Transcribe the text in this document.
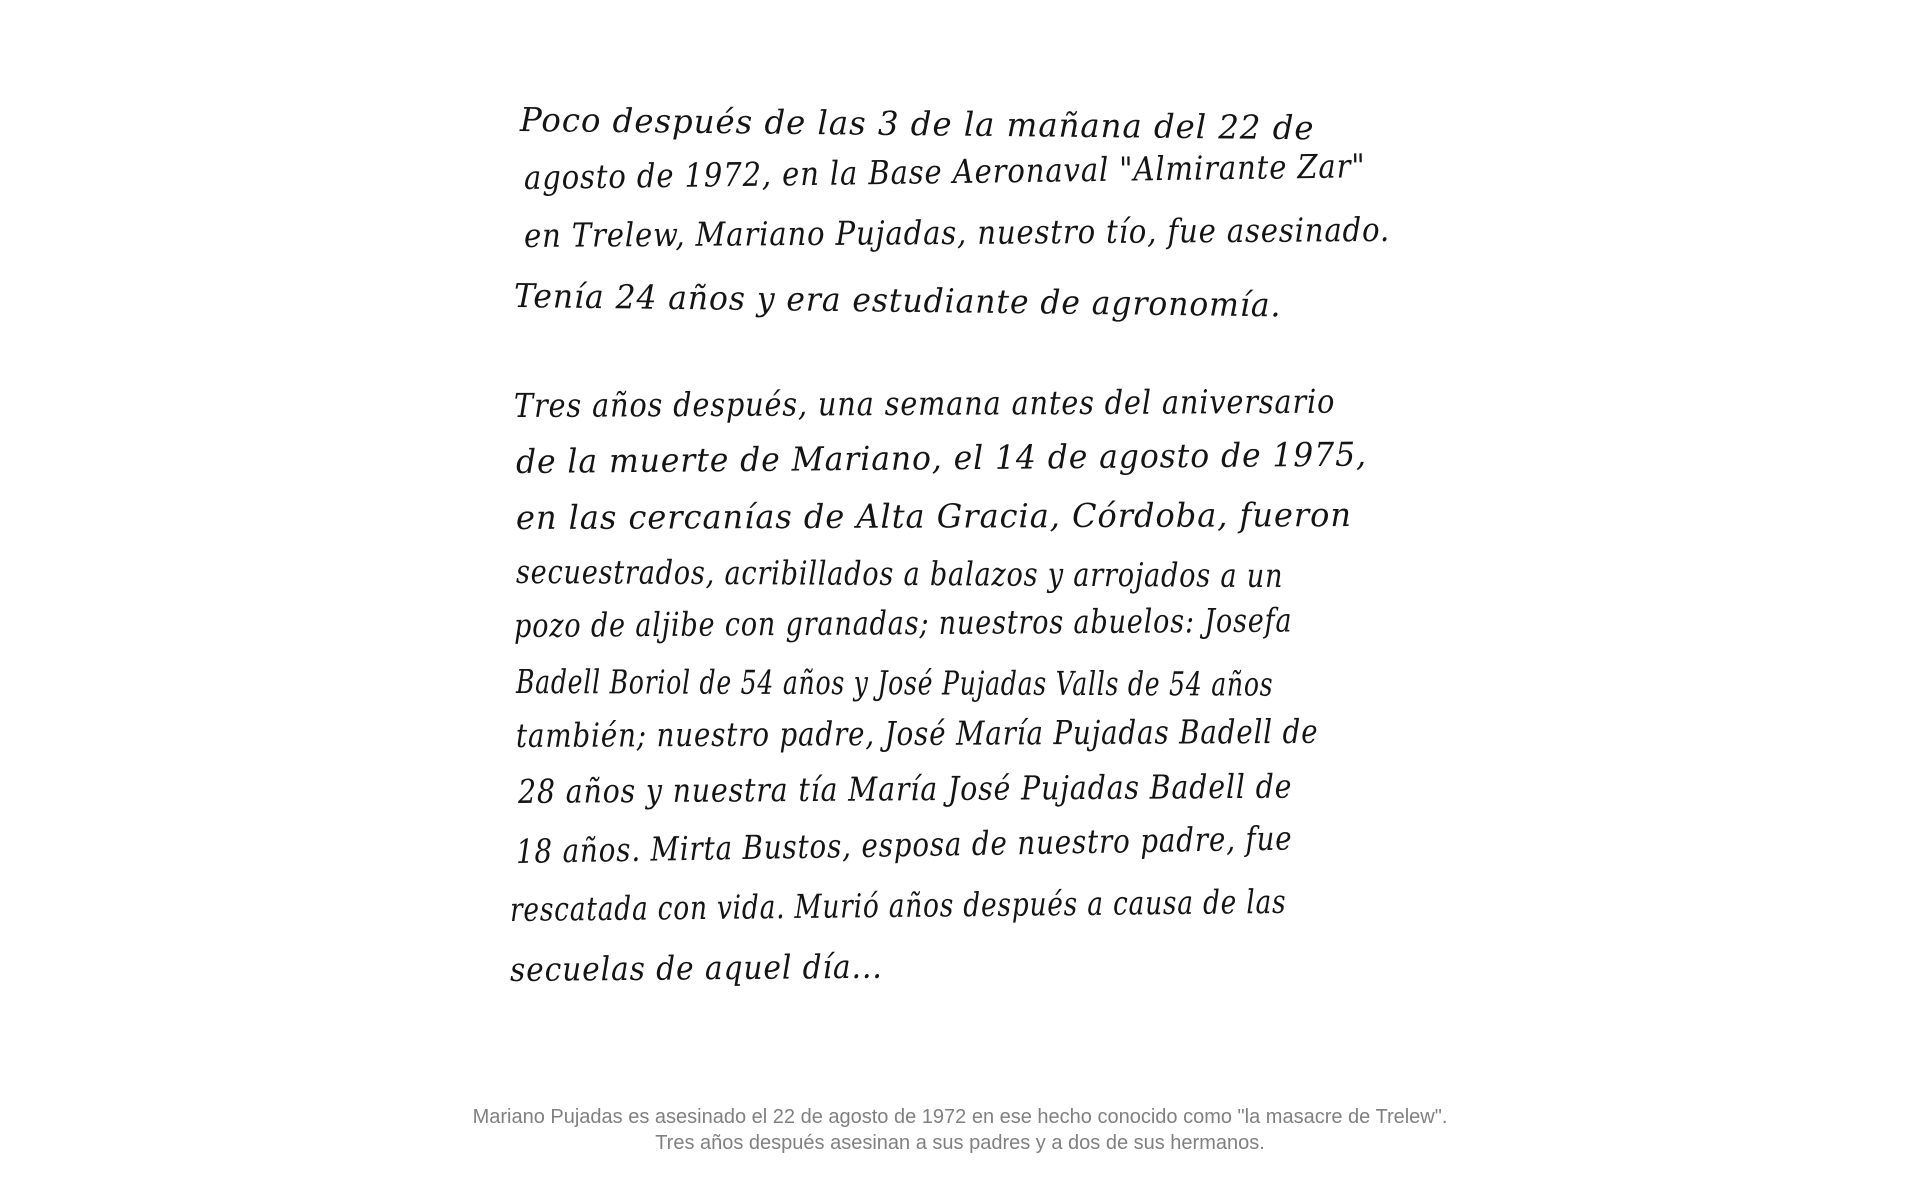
Poco después de las 3 de la mañana del 22 de
agosto de 1972, en la Base Aeronaval "Almirante Zar"
en Trelew, Mariano Pujadas, nuestro tío, fue asesinado.
Tenía 24 años y era estudiante de agronomía.
Tres años después, una semana antes del aniversario
de la muerte de Mariano, el 14 de agosto de 1975,
en las cercanías de Alta Gracia, Córdoba, fueron
secuestrados, acribillados a balazos y arrojados a un
pozo de aljibe con granadas; nuestros abuelos: Josefa
Badell Boriol de 54 años y José Pujadas Valls de 54 años
también; nuestro padre, José María Pujadas Badell de
28 años y nuestra tía María José Pujadas Badell de
18 años. Mirta Bustos, esposa de nuestro padre, fue
rescatada con vida. Murió años después a causa de las
secuelas de aquel día...
Mariano Pujadas es asesinado el 22 de agosto de 1972 en ese hecho conocido como "la masacre de Trelew".
Tres años después asesinan a sus padres y a dos de sus hermanos.
